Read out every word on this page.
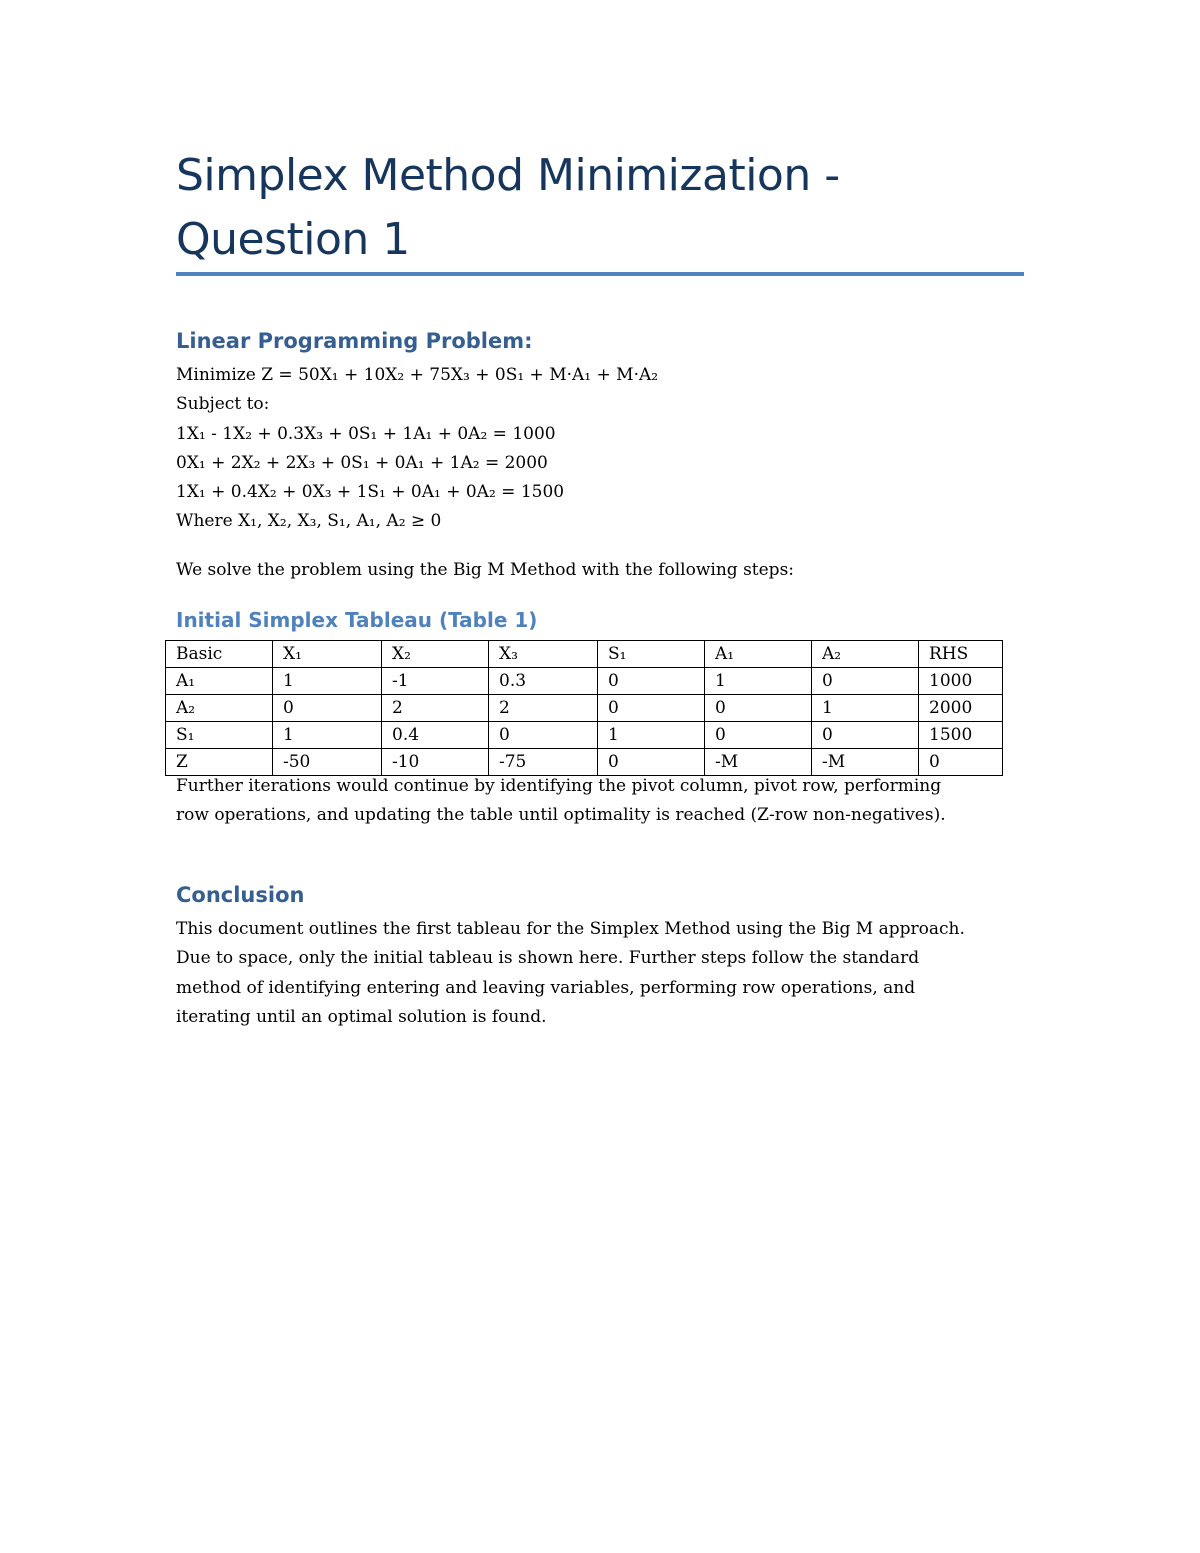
Simplex Method Minimization -
Question 1
Linear Programming Problem:
Minimize Z = 50X₁ + 10X₂ + 75X₃ + 0S₁ + M·A₁ + M·A₂
Subject to:
1X₁ - 1X₂ + 0.3X₃ + 0S₁ + 1A₁ + 0A₂ = 1000
0X₁ + 2X₂ + 2X₃ + 0S₁ + 0A₁ + 1A₂ = 2000
1X₁ + 0.4X₂ + 0X₃ + 1S₁ + 0A₁ + 0A₂ = 1500
Where X₁, X₂, X₃, S₁, A₁, A₂ ≥ 0
We solve the problem using the Big M Method with the following steps:
Initial Simplex Tableau (Table 1)
Basic	X₁	X₂	X₃	S₁	A₁	A₂	RHS
A₁	1	-1	0.3	0	1	0	1000
A₂	0	2	2	0	0	1	2000
S₁	1	0.4	0	1	0	0	1500
Z	-50	-10	-75	0	-M	-M	0
Further iterations would continue by identifying the pivot column, pivot row, performing
row operations, and updating the table until optimality is reached (Z-row non-negatives).
Conclusion
This document outlines the first tableau for the Simplex Method using the Big M approach.
Due to space, only the initial tableau is shown here. Further steps follow the standard
method of identifying entering and leaving variables, performing row operations, and
iterating until an optimal solution is found.
